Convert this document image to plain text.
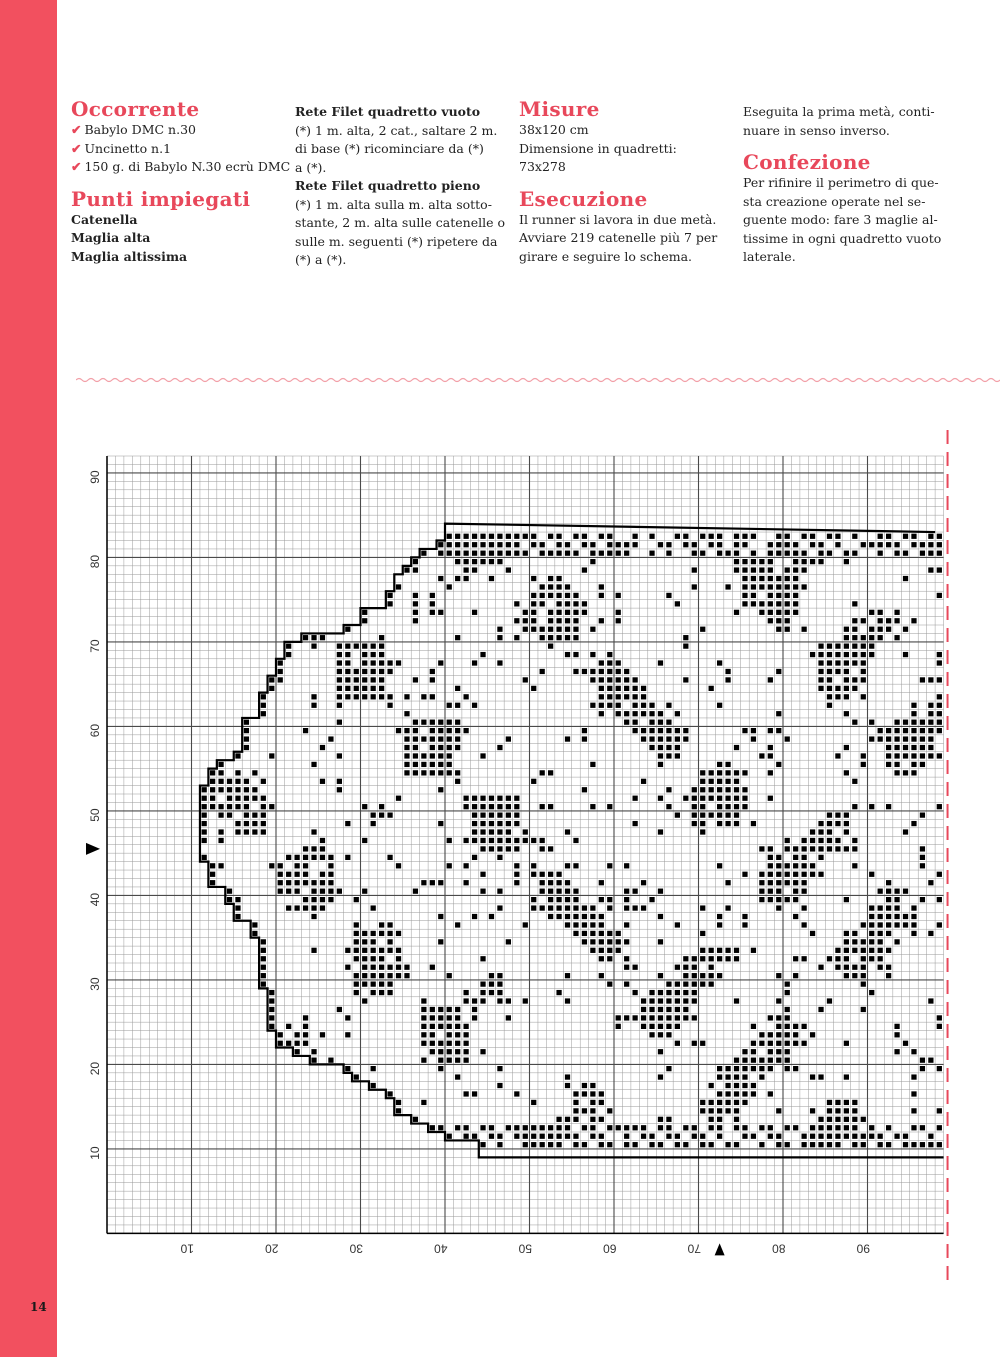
14
Occorrente
✔ Babylo DMC n.30
✔ Uncinetto n.1
✔ 150 g. di Babylo N.30 ecrù DMC
Punti impiegati
Catenella
Maglia alta
Maglia altissima
Rete Filet quadretto vuoto
(*) 1 m. alta, 2 cat., saltare 2 m.
di base (*) ricominciare da (*)
a (*).
Rete Filet quadretto pieno
(*) 1 m. alta sulla m. alta sotto-
stante, 2 m. alta sulle catenelle o
sulle m. seguenti (*) ripetere da
(*) a (*).
Misure
38x120 cm
Dimensione in quadretti:
73x278
Esecuzione
Il runner si lavora in due metà.
Avviare 219 catenelle più 7 per
girare e seguire lo schema.
Eseguita la prima metà, conti-
nuare in senso inverso.
Confezione
Per rifinire il perimetro di que-
sta creazione operate nel se-
guente modo: fare 3 maglie al-
tissime in ogni quadretto vuoto
laterale.
10
20
30
40
50
60
70
80
90
10	20	30	40	50	60	70	80	90
